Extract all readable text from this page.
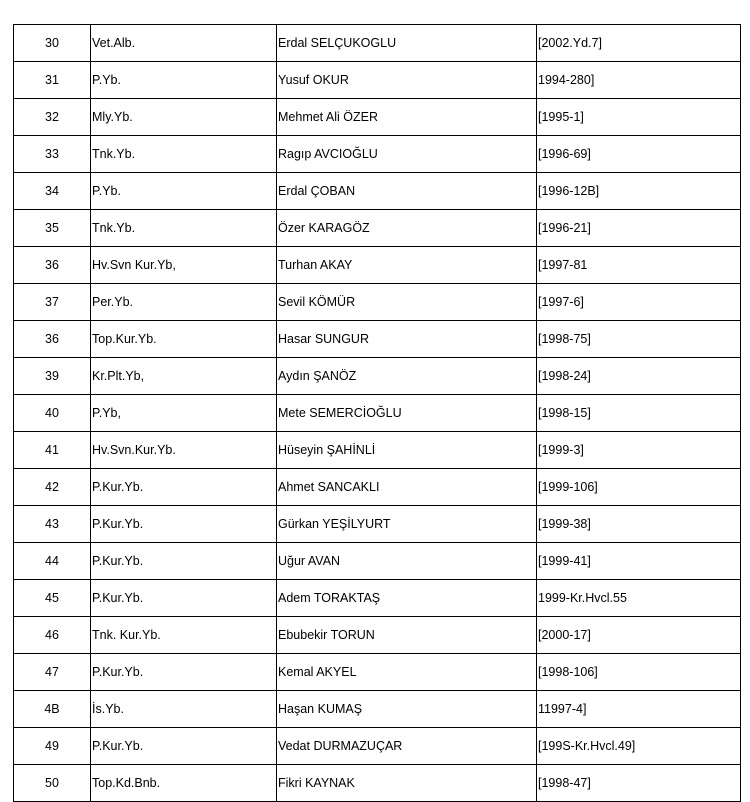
30	Vet.Alb.	Erdal SELÇUKOGLU	[2002.Yd.7]
31	P.Yb.	Yusuf OKUR	1994-280]
32	Mly.Yb.	Mehmet Ali ÖZER	[1995-1]
33	Tnk.Yb.	Ragıp AVCIOĞLU	[1996-69]
34	P.Yb.	Erdal ÇOBAN	[1996-12B]
35	Tnk.Yb.	Özer KARAGÖZ	[1996-21]
36	Hv.Svn Kur.Yb,	Turhan AKAY	[1997-81
37	Per.Yb.	Sevil KÖMÜR	[1997-6]
36	Top.Kur.Yb.	Hasar SUNGUR	[1998-75]
39	Kr.Plt.Yb,	Aydın ŞANÖZ	[1998-24]
40	P.Yb,	Mete SEMERCİOĞLU	[1998-15]
41	Hv.Svn.Kur.Yb.	Hüseyin ŞAHİNLİ	[1999-3]
42	P.Kur.Yb.	Ahmet SANCAKLI	[1999-106]
43	P.Kur.Yb.	Gürkan YEŞİLYURT	[1999-38]
44	P.Kur.Yb.	Uğur AVAN	[1999-41]
45	P.Kur.Yb.	Adem TORAKTAŞ	1999-Kr.Hvcl.55
46	Tnk. Kur.Yb.	Ebubekir TORUN	[2000-17]
47	P.Kur.Yb.	Kemal AKYEL	[1998-106]
4B	İs.Yb.	Haşan KUMAŞ	11997-4]
49	P.Kur.Yb.	Vedat DURMAZUÇAR	[199S-Kr.Hvcl.49]
50	Top.Kd.Bnb.	Fikri KAYNAK	[1998-47]
